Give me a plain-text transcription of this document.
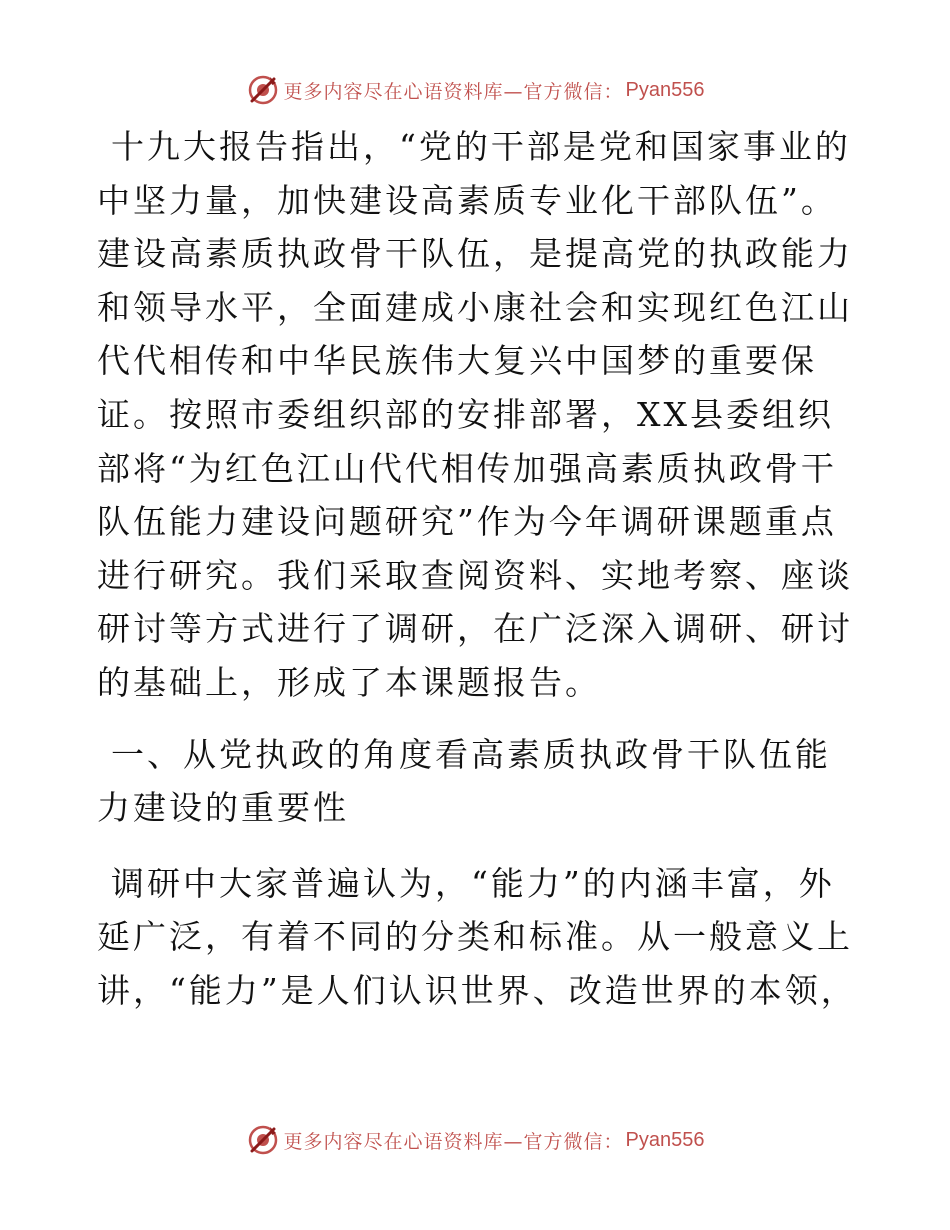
更多内容尽在心语资料库—官方微信： Pyan556

十九大报告指出，“党的干部是党和国家事业的中坚力量，加快建设高素质专业化干部队伍”。建设高素质执政骨干队伍，是提高党的执政能力和领导水平，全面建成小康社会和实现红色江山代代相传和中华民族伟大复兴中国梦的重要保证。按照市委组织部的安排部署，XX县委组织部将“为红色江山代代相传加强高素质执政骨干队伍能力建设问题研究”作为今年调研课题重点进行研究。我们采取查阅资料、实地考察、座谈研讨等方式进行了调研，在广泛深入调研、研讨的基础上，形成了本课题报告。

一、从党执政的角度看高素质执政骨干队伍能力建设的重要性

调研中大家普遍认为，“能力”的内涵丰富，外延广泛，有着不同的分类和标准。从一般意义上讲，“能力”是人们认识世界、改造世界的本领，

更多内容尽在心语资料库—官方微信： Pyan556
